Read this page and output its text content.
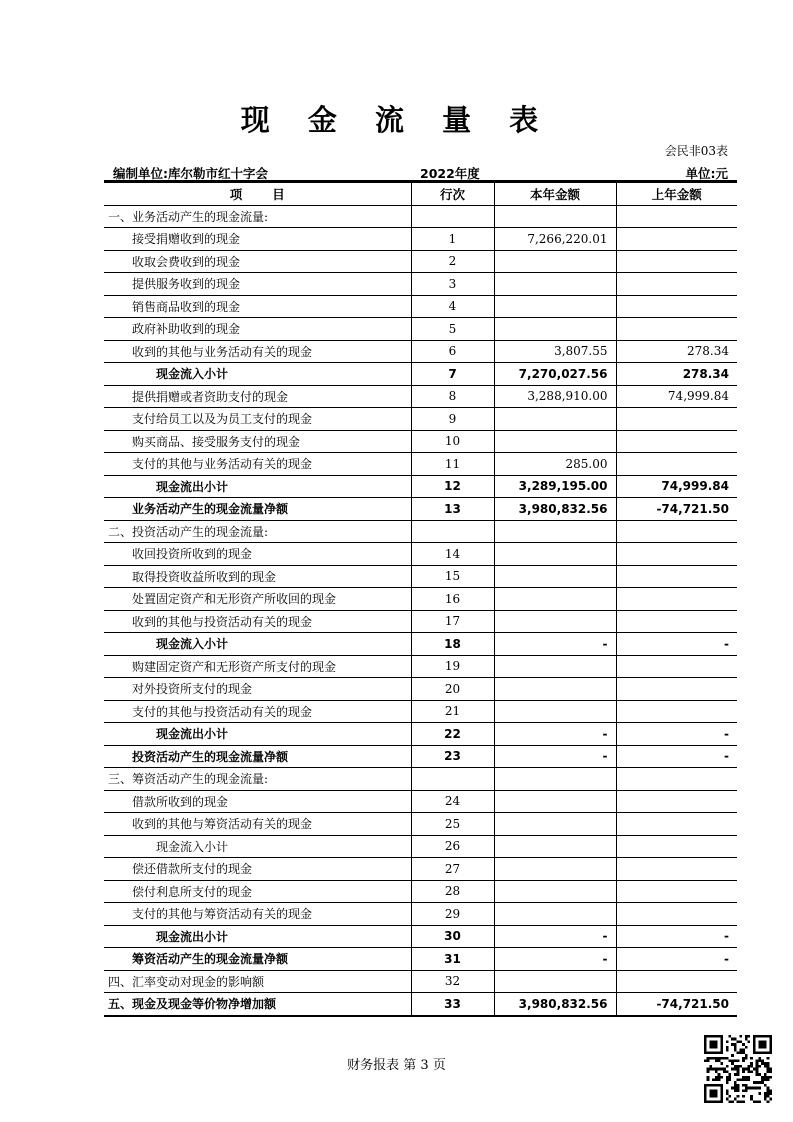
现 金 流 量 表
会民非03表
编制单位:库尔勒市红十字会	2022年度	单位:元
项目	行次	本年金额	上年金额
一、业务活动产生的现金流量:			
接受捐赠收到的现金	1	7,266,220.01	
收取会费收到的现金	2		
提供服务收到的现金	3		
销售商品收到的现金	4		
政府补助收到的现金	5		
收到的其他与业务活动有关的现金	6	3,807.55	278.34
现金流入小计	7	7,270,027.56	278.34
提供捐赠或者资助支付的现金	8	3,288,910.00	74,999.84
支付给员工以及为员工支付的现金	9		
购买商品、接受服务支付的现金	10		
支付的其他与业务活动有关的现金	11	285.00	
现金流出小计	12	3,289,195.00	74,999.84
业务活动产生的现金流量净额	13	3,980,832.56	-74,721.50
二、投资活动产生的现金流量:			
收回投资所收到的现金	14		
取得投资收益所收到的现金	15		
处置固定资产和无形资产所收回的现金	16		
收到的其他与投资活动有关的现金	17		
现金流入小计	18	-	-
购建固定资产和无形资产所支付的现金	19		
对外投资所支付的现金	20		
支付的其他与投资活动有关的现金	21		
现金流出小计	22	-	-
投资活动产生的现金流量净额	23	-	-
三、筹资活动产生的现金流量:			
借款所收到的现金	24		
收到的其他与筹资活动有关的现金	25		
现金流入小计	26		
偿还借款所支付的现金	27		
偿付利息所支付的现金	28		
支付的其他与筹资活动有关的现金	29		
现金流出小计	30	-	-
筹资活动产生的现金流量净额	31	-	-
四、汇率变动对现金的影响额	32		
五、现金及现金等价物净增加额	33	3,980,832.56	-74,721.50
财务报表 第 3 页
